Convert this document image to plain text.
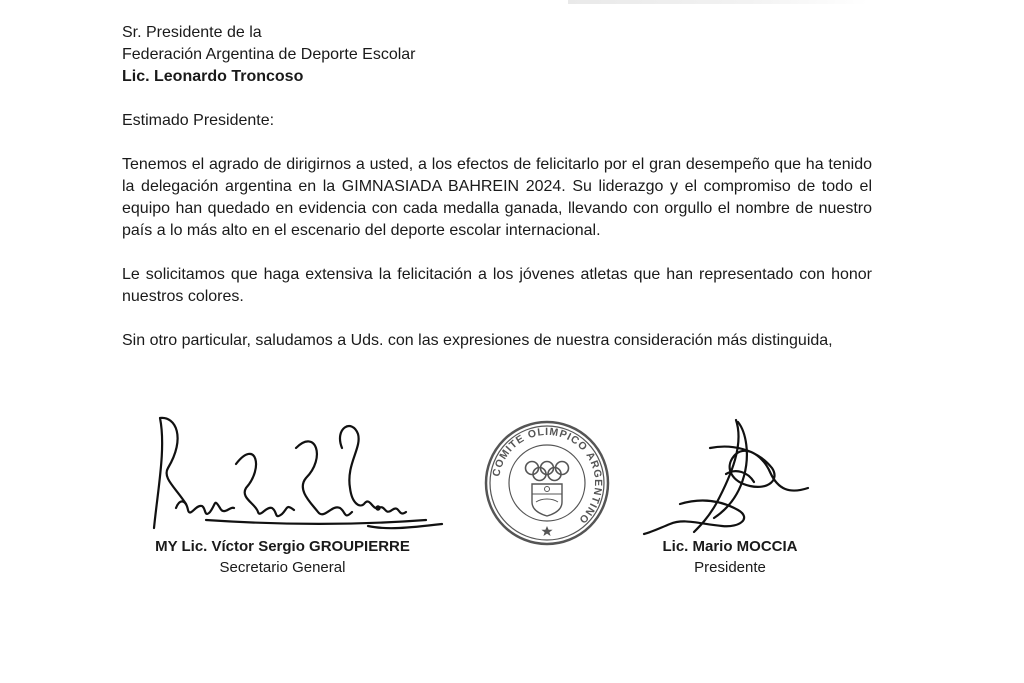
Sr. Presidente de la
Federación Argentina de Deporte Escolar
Lic. Leonardo Troncoso
Estimado Presidente:

Tenemos el agrado de dirigirnos a usted, a los efectos de felicitarlo por el gran desempeño que ha tenido la delegación argentina en la GIMNASIADA BAHREIN 2024. Su liderazgo y el compromiso de todo el equipo han quedado en evidencia con cada medalla ganada, llevando con orgullo el nombre de nuestro país a lo más alto en el escenario del deporte escolar internacional.

Le solicitamos que haga extensiva la felicitación a los jóvenes atletas que han representado con honor nuestros colores.

Sin otro particular, saludamos a Uds. con las expresiones de nuestra consideración más distinguida,

COMITE OLIMPICO ARGENTINO
MY Lic. Víctor Sergio GROUPIERRE
Secretario General
Lic. Mario MOCCIA
Presidente
